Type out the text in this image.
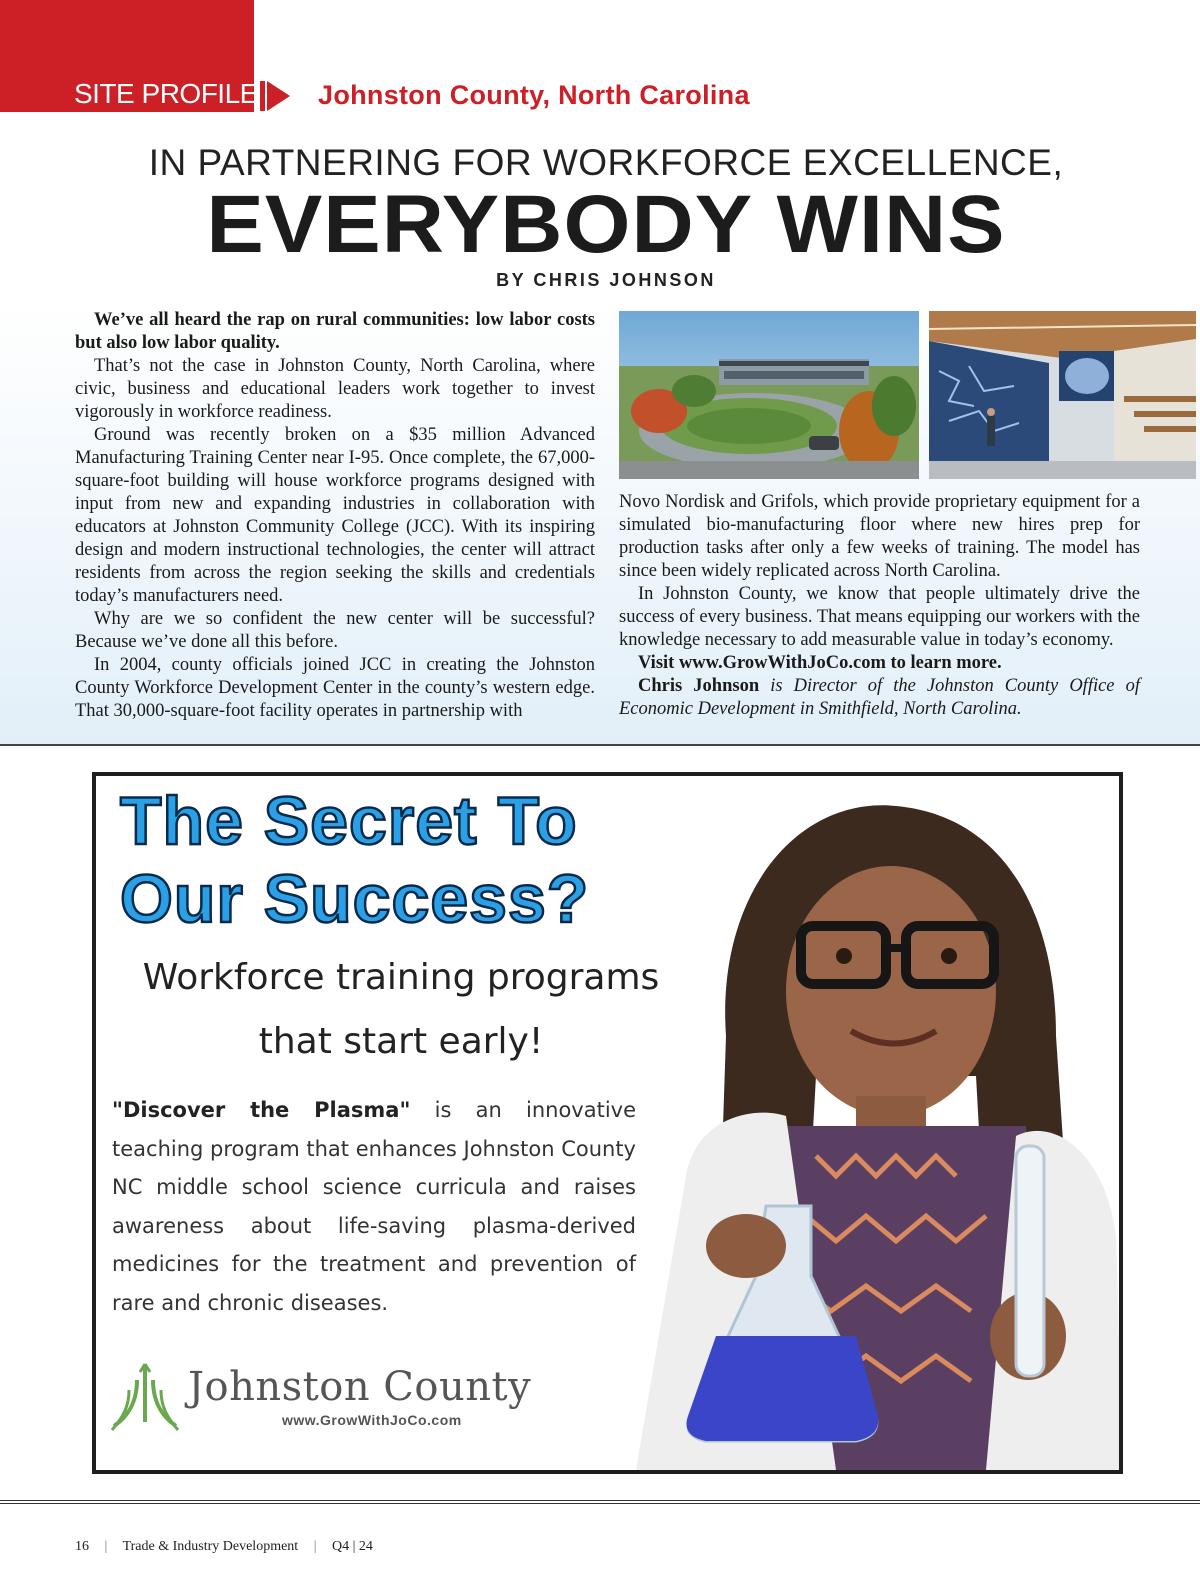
SITE PROFILE Johnston County, North Carolina
IN PARTNERING FOR WORKFORCE EXCELLENCE,
EVERYBODY WINS
BY CHRIS JOHNSON

We’ve all heard the rap on rural communities: low labor costs but also low labor quality.

That’s not the case in Johnston County, North Carolina, where civic, business and educational leaders work together to invest vigorously in workforce readiness.

Ground was recently broken on a $35 million Advanced Manufacturing Training Center near I-95. Once complete, the 67,000-square-foot building will house workforce programs designed with input from new and expanding industries in collaboration with educators at Johnston Community College (JCC). With its inspiring design and modern instructional technologies, the center will attract residents from across the region seeking the skills and credentials today’s manufacturers need.

Why are we so confident the new center will be successful? Because we’ve done all this before.

In 2004, county officials joined JCC in creating the Johnston County Workforce Development Center in the county’s western edge. That 30,000-square-foot facility operates in partnership with

Novo Nordisk and Grifols, which provide proprietary equipment for a simulated bio-manufacturing floor where new hires prep for production tasks after only a few weeks of training. The model has since been widely replicated across North Carolina.

In Johnston County, we know that people ultimately drive the success of every business. That means equipping our workers with the knowledge necessary to add measurable value in today’s economy.

Visit www.GrowWithJoCo.com to learn more.

Chris Johnson is Director of the Johnston County Office of Economic Development in Smithfield, North Carolina.

The Secret To
Our Success?
Workforce training programs
that start early!

"Discover the Plasma" is an innovative teaching program that enhances Johnston County NC middle school science curricula and raises awareness about life-saving plasma-derived medicines for the treatment and prevention of rare and chronic diseases.

Johnston County
www.GrowWithJoCo.com
16 | Trade & Industry Development | Q4 | 24
